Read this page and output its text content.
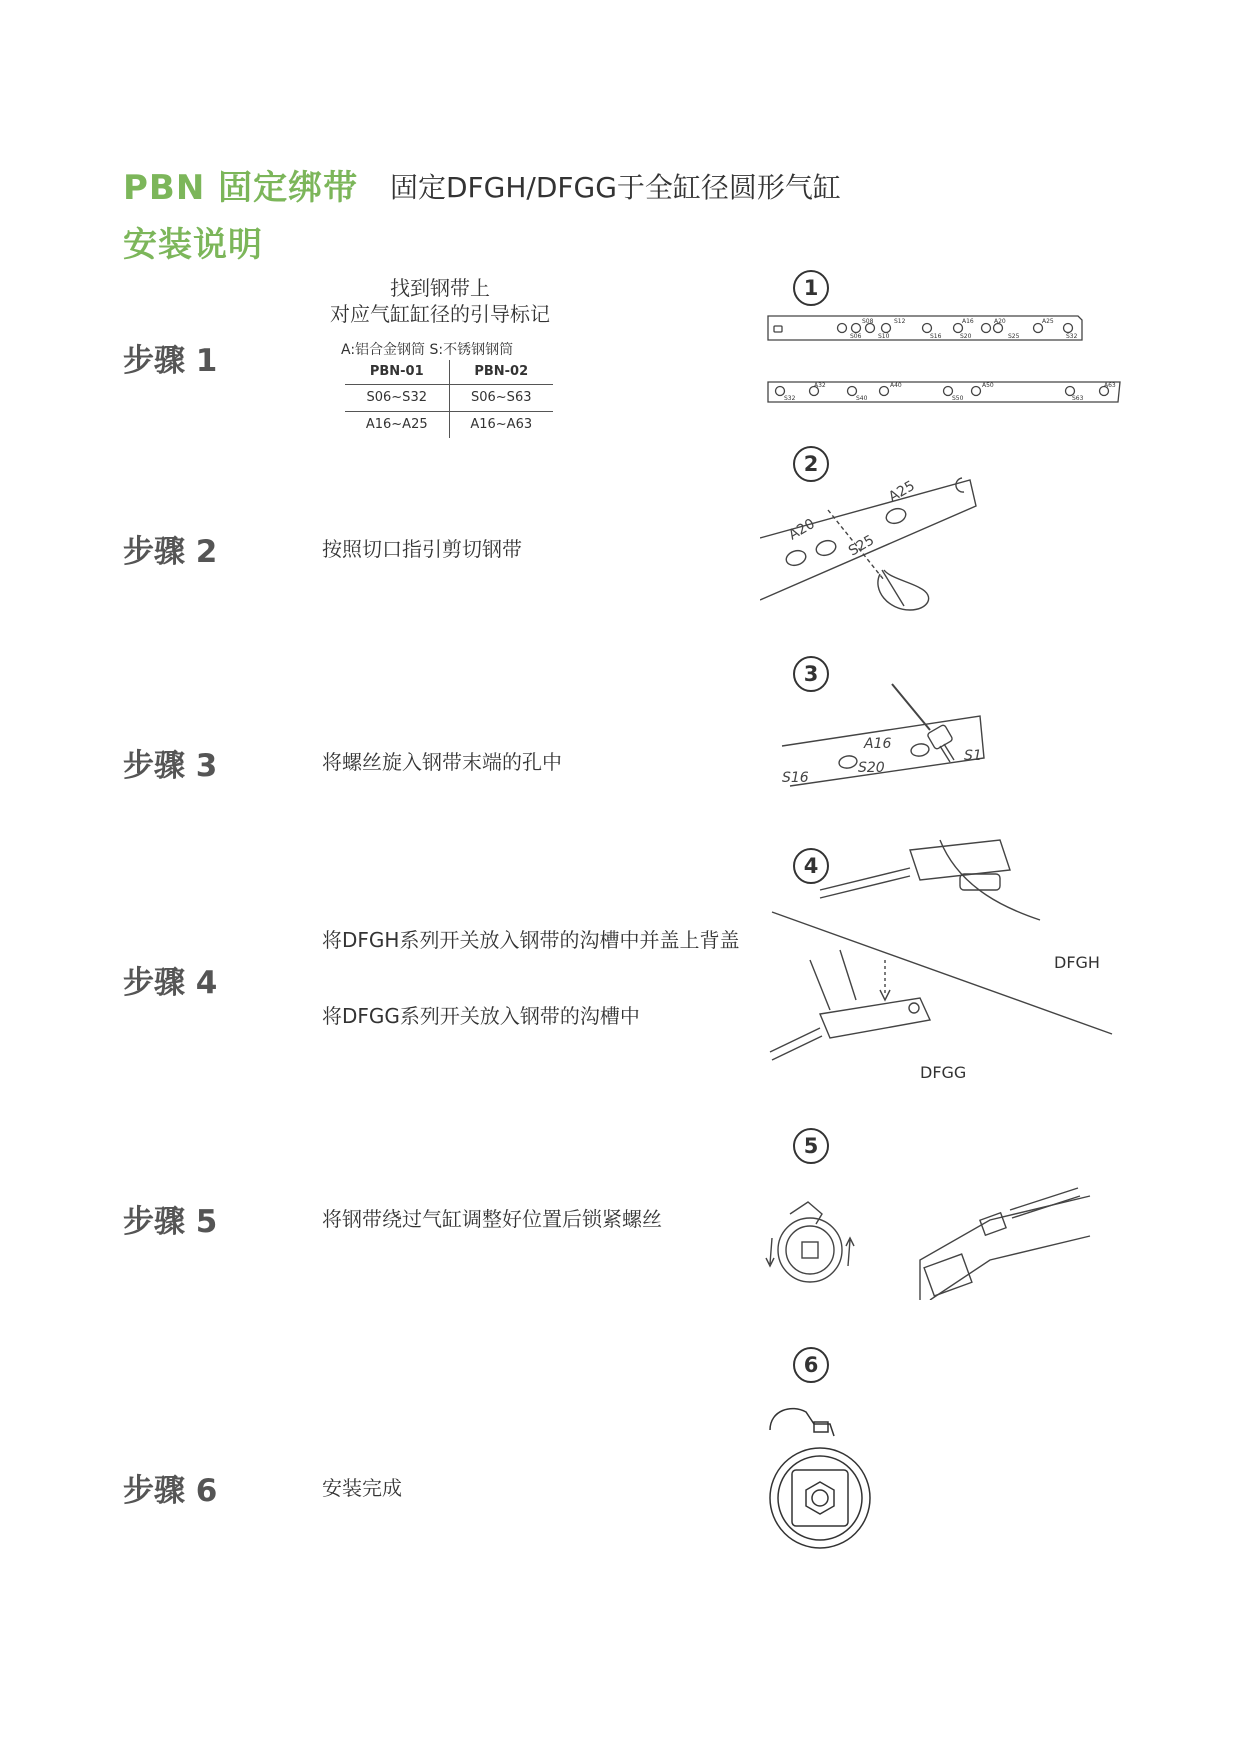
PBN 固定绑带 固定DFGH/DFGG于全缸径圆形气缸
安装说明
步骤 1
步骤 2
步骤 3
步骤 4
步骤 5
步骤 6
找到钢带上
对应气缸缸径的引导标记
A:铝合金钢筒 S:不锈钢钢筒
PBN-01	PBN-02
S06~S32	S06~S63
A16~A25	A16~A63
按照切口指引剪切钢带
将螺丝旋入钢带末端的孔中
将DFGH系列开关放入钢带的沟槽中并盖上背盖
将DFGG系列开关放入钢带的沟槽中
将钢带绕过气缸调整好位置后锁紧螺丝
安装完成
1
2
3
4
5
6
S08	S12	A16	A20	A25
S06	S10	S16	S20	S25	S32
A32	A40	A50	A63
S32	S40	S50	S63
A20
A25
S25
A16
S20
S16
S1
DFGH
DFGG
